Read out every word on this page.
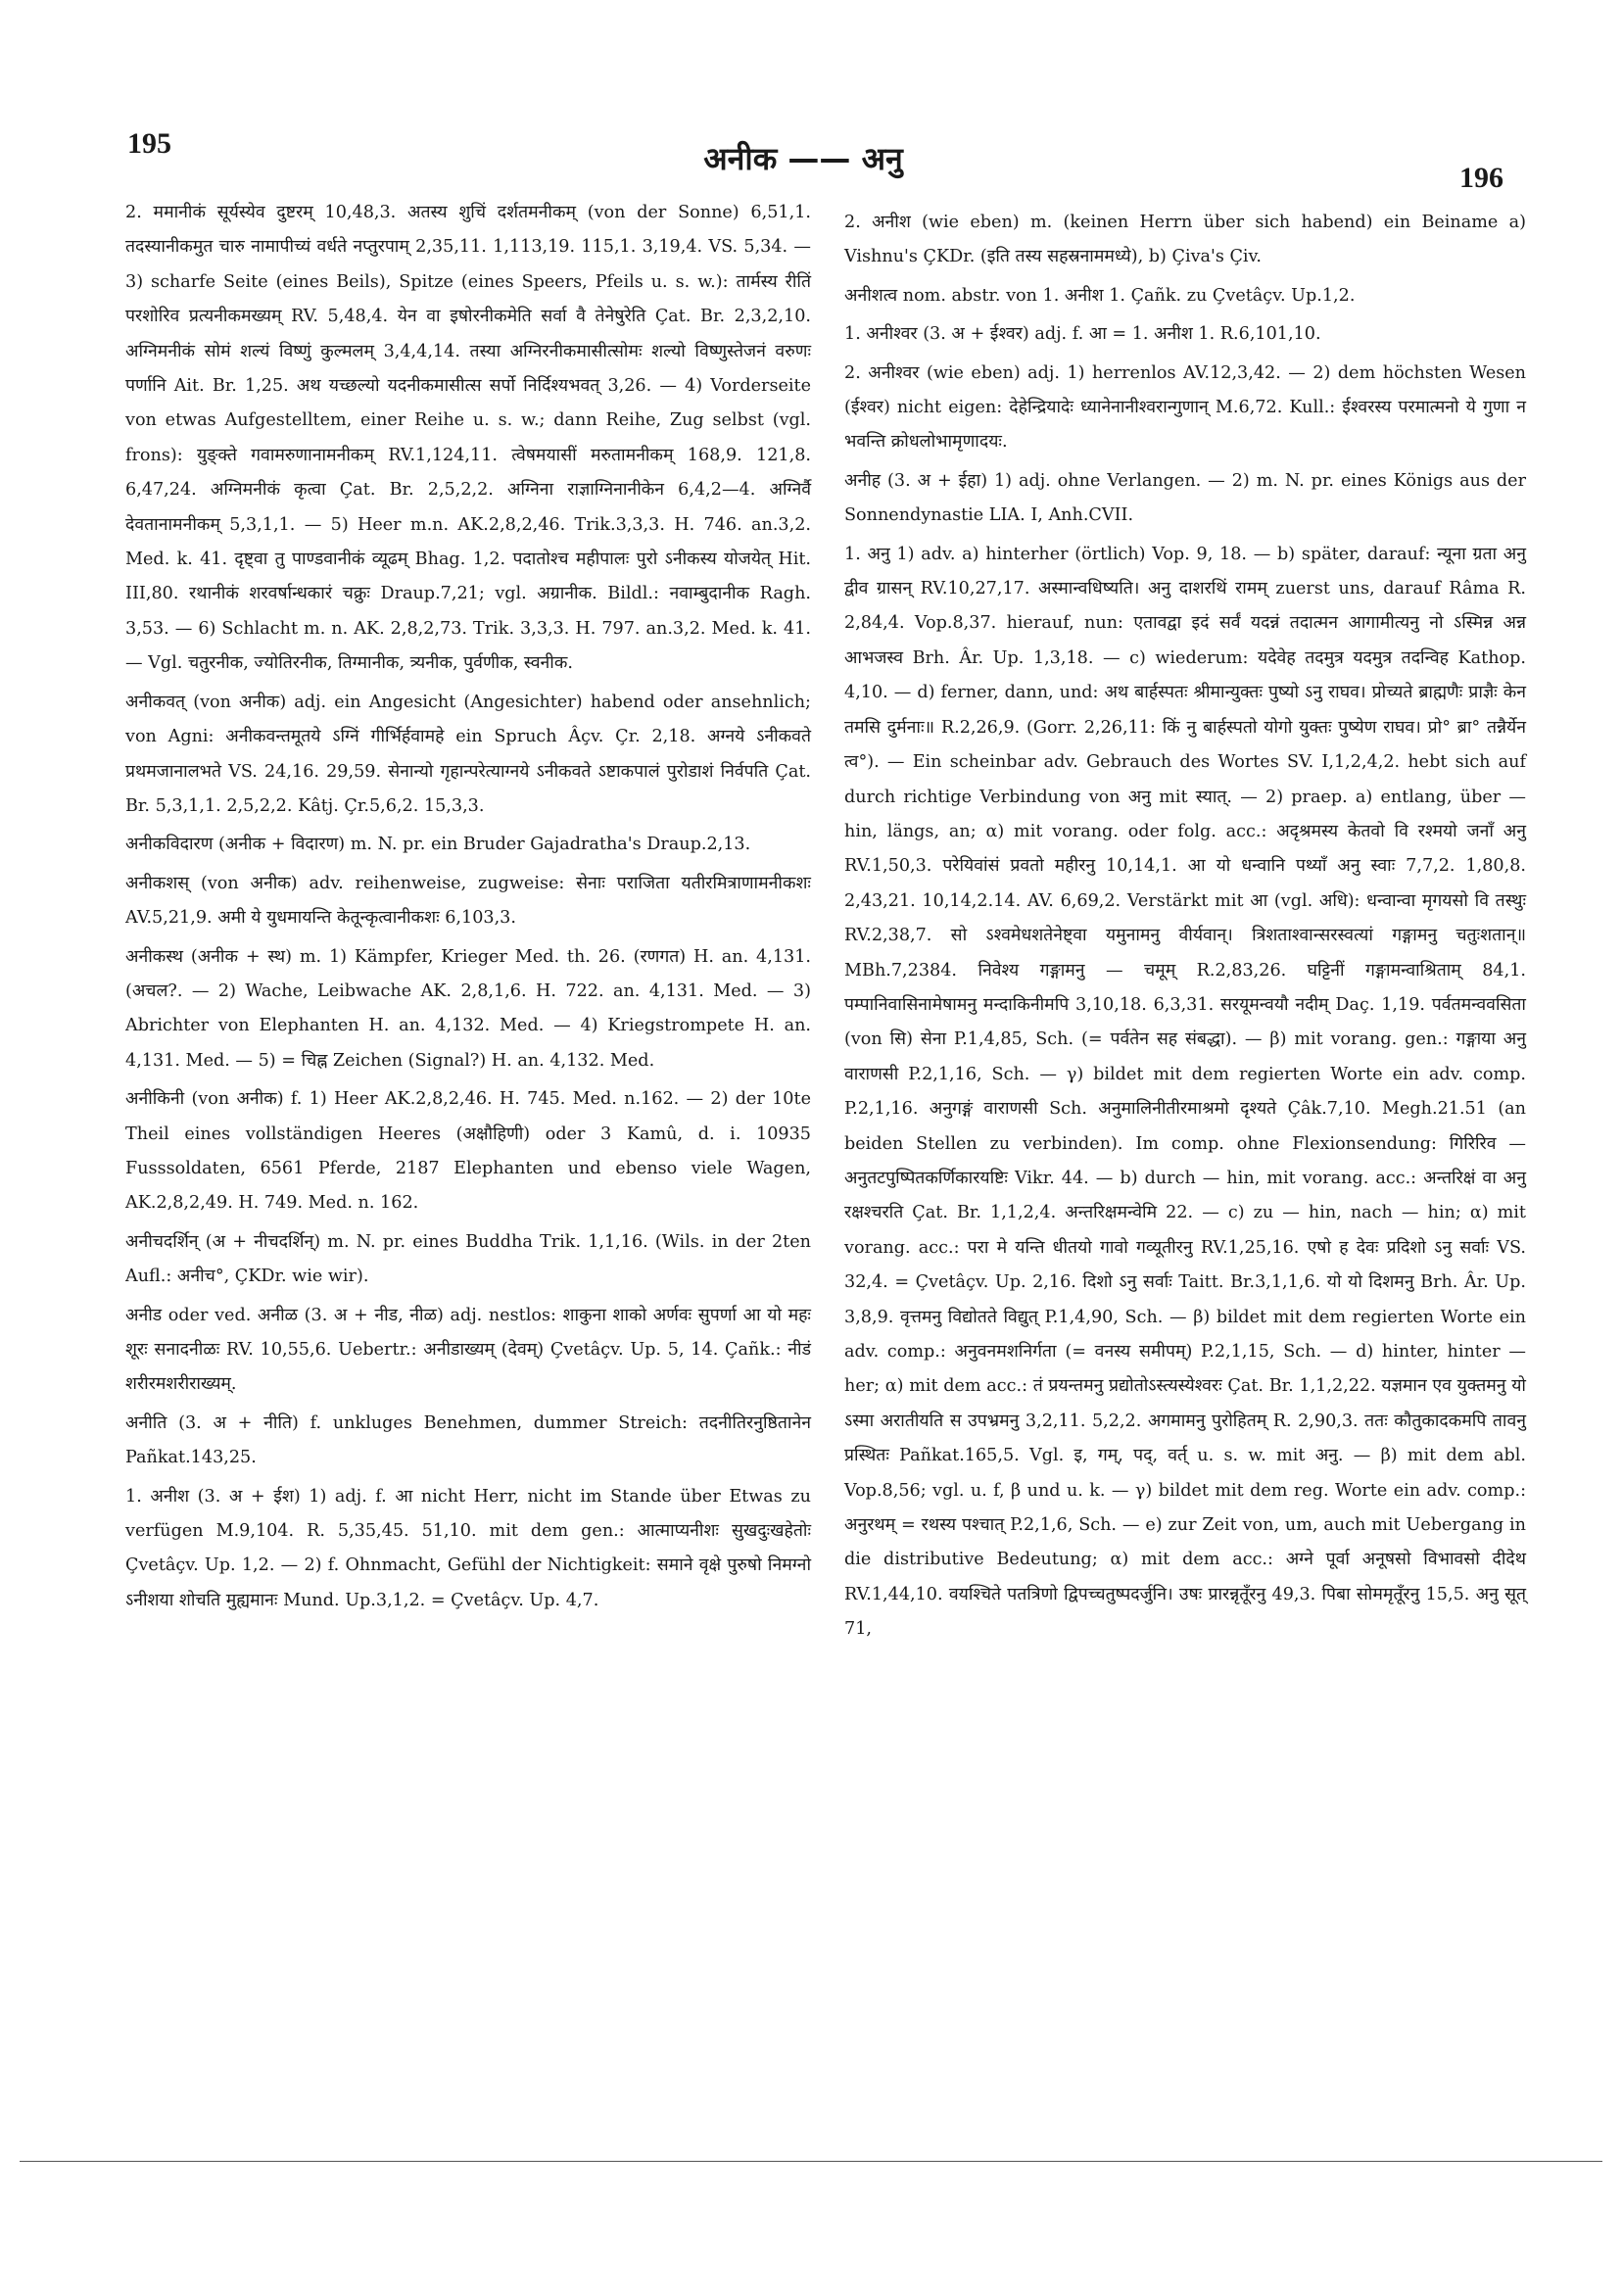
195	अनीक —— अनु
196

2. ममानीकं सूर्यस्येव दुष्टरम् 10,48,3. अतस्य शुचिं दर्शतमनीकम् (von der Sonne) 6,51,1. तदस्यानीकमुत चारु नामापीच्यं वर्धते नप्तुरपाम् 2,35,11. 1,113,19. 115,1. 3,19,4. VS. 5,34. — 3) scharfe Seite (eines Beils), Spitze (eines Speers, Pfeils u. s. w.): तार्मस्य रीतिं परशोरिव प्रत्यनीकमख्यम् RV. 5,48,4. येन वा इषोरनीकमेति सर्वा वै तेनेषुरेति Çat. Br. 2,3,2,10. अग्निमनीकं सोमं शल्यं विष्णुं कुल्मलम् 3,4,4,14. तस्या अग्निरनीकमासीत्सोमः शल्यो विष्णुस्तेजनं वरुणः पर्णानि Ait. Br. 1,25. अथ यच्छल्यो यदनीकमासीत्स सर्पो निर्दिश्यभवत् 3,26. — 4) Vorderseite von etwas Aufgestelltem, einer Reihe u. s. w.; dann Reihe, Zug selbst (vgl. frons): युङ्क्ते गवामरुणानामनीकम् RV.1,124,11. त्वेषमयासीं मरुतामनीकम् 168,9. 121,8. 6,47,24. अग्निमनीकं कृत्वा Çat. Br. 2,5,2,2. अग्निना राज्ञाग्निनानीकेन 6,4,2—4. अग्निर्वै देवतानामनीकम् 5,3,1,1. — 5) Heer m.n. AK.2,8,2,46. Trik.3,3,3. H. 746. an.3,2. Med. k. 41. दृष्ट्वा तु पाण्डवानीकं व्यूढम् Bhag. 1,2. पदातोश्च महीपालः पुरो ऽनीकस्य योजयेत् Hit. III,80. रथानीकं शरवर्षान्धकारं चक्रुः Draup.7,21; vgl. अग्रानीक. Bildl.: नवाम्बुदानीक Ragh. 3,53. — 6) Schlacht m. n. AK. 2,8,2,73. Trik. 3,3,3. H. 797. an.3,2. Med. k. 41. — Vgl. चतुरनीक, ज्योतिरनीक, तिग्मानीक, त्र्यनीक, पुर्वणीक, स्वनीक.

अनीकवत् (von अनीक) adj. ein Angesicht (Angesichter) habend oder ansehnlich; von Agni: अनीकवन्तमूतये ऽग्निं गीर्भिर्हवामहे ein Spruch Âçv. Çr. 2,18. अग्नये ऽनीकवते प्रथमजानालभते VS. 24,16. 29,59. सेनान्यो गृहान्परेत्याग्नये ऽनीकवते ऽष्टाकपालं पुरोडाशं निर्वपति Çat. Br. 5,3,1,1. 2,5,2,2. Kâtj. Çr.5,6,2. 15,3,3.

अनीकविदारण (अनीक + विदारण) m. N. pr. ein Bruder Gajadratha's Draup.2,13.

अनीकशस् (von अनीक) adv. reihenweise, zugweise: सेनाः पराजिता यतीरमित्राणामनीकशः AV.5,21,9. अमी ये युधमायन्ति केतून्कृत्वानीकशः 6,103,3.

अनीकस्थ (अनीक + स्थ) m. 1) Kämpfer, Krieger Med. th. 26. (रणगत) H. an. 4,131. (अचल?. — 2) Wache, Leibwache AK. 2,8,1,6. H. 722. an. 4,131. Med. — 3) Abrichter von Elephanten H. an. 4,132. Med. — 4) Kriegstrompete H. an. 4,131. Med. — 5) = चिह्न Zeichen (Signal?) H. an. 4,132. Med.

अनीकिनी (von अनीक) f. 1) Heer AK.2,8,2,46. H. 745. Med. n.162. — 2) der 10te Theil eines vollständigen Heeres (अक्षौहिणी) oder 3 Kamû, d. i. 10935 Fusssoldaten, 6561 Pferde, 2187 Elephanten und ebenso viele Wagen, AK.2,8,2,49. H. 749. Med. n. 162.

अनीचदर्शिन् (अ + नीचदर्शिन्) m. N. pr. eines Buddha Trik. 1,1,16. (Wils. in der 2ten Aufl.: अनीच°, ÇKDr. wie wir).

अनीड oder ved. अनीळ (3. अ + नीड, नीळ) adj. nestlos: शाकुना शाको अर्णवः सुपर्णा आ यो महः शूरः सनादनीळः RV. 10,55,6. Uebertr.: अनीडाख्यम् (देवम्) Çvetâçv. Up. 5, 14. Çañk.: नीडं शरीरमशरीराख्यम्.

अनीति (3. अ + नीति) f. unkluges Benehmen, dummer Streich: तदनीतिरनुष्ठितानेन Pañkat.143,25.

1. अनीश (3. अ + ईश) 1) adj. f. आ nicht Herr, nicht im Stande über Etwas zu verfügen M.9,104. R. 5,35,45. 51,10. mit dem gen.: आत्माप्यनीशः सुखदुःखहेतोः Çvetâçv. Up. 1,2. — 2) f. Ohnmacht, Gefühl der Nichtigkeit: समाने वृक्षे पुरुषो निमग्नो ऽनीशया शोचति मुह्यमानः Mund. Up.3,1,2. = Çvetâçv. Up. 4,7.

2. अनीश (wie eben) m. (keinen Herrn über sich habend) ein Beiname a) Vishnu's ÇKDr. (इति तस्य सहस्रनाममध्ये), b) Çiva's Çiv.

अनीशत्व nom. abstr. von 1. अनीश 1. Çañk. zu Çvetâçv. Up.1,2.

1. अनीश्वर (3. अ + ईश्वर) adj. f. आ = 1. अनीश 1. R.6,101,10.

2. अनीश्वर (wie eben) adj. 1) herrenlos AV.12,3,42. — 2) dem höchsten Wesen (ईश्वर) nicht eigen: देहेन्द्रियादेः ध्यानेनानीश्वरान्गुणान् M.6,72. Kull.: ईश्वरस्य परमात्मनो ये गुणा न भवन्ति क्रोधलोभामृणादयः.

अनीह (3. अ + ईहा) 1) adj. ohne Verlangen. — 2) m. N. pr. eines Königs aus der Sonnendynastie LIA. I, Anh.CVII.

1. अनु 1) adv. a) hinterher (örtlich) Vop. 9, 18. — b) später, darauf: न्यूना ग्रता अनु द्वीव ग्रासन् RV.10,27,17. अस्मान्वधिष्यति। अनु दाशरथिं रामम् zuerst uns, darauf Râma R. 2,84,4. Vop.8,37. hierauf, nun: एतावद्वा इदं सर्वं यदन्नं तदात्मन आगामीत्यनु नो ऽस्मिन्न अन्न आभजस्व Brh. Âr. Up. 1,3,18. — c) wiederum: यदेवेह तदमुत्र यदमुत्र तदन्विह Kathop. 4,10. — d) ferner, dann, und: अथ बार्हस्पतः श्रीमान्युक्तः पुष्यो ऽनु राघव। प्रोच्यते ब्राह्मणैः प्राज्ञैः केन तमसि दुर्मनाः॥ R.2,26,9. (Gorr. 2,26,11: किं नु बार्हस्पतो योगो युक्तः पुष्येण राघव। प्रो° ब्रा° तन्नैर्येन त्व°). — Ein scheinbar adv. Gebrauch des Wortes SV. I,1,2,4,2. hebt sich auf durch richtige Verbindung von अनु mit स्यात्. — 2) praep. a) entlang, über — hin, längs, an; α) mit vorang. oder folg. acc.: अदृश्रमस्य केतवो वि रश्मयो जनाँ अनु RV.1,50,3. परेयिवांसं प्रवतो महीरनु 10,14,1. आ यो धन्वानि पथ्याँ अनु स्वाः 7,7,2. 1,80,8. 2,43,21. 10,14,2.14. AV. 6,69,2. Verstärkt mit आ (vgl. अधि): धन्वान्वा मृगयसो वि तस्थुः RV.2,38,7. सो ऽश्वमेधशतेनेष्ट्वा यमुनामनु वीर्यवान्। त्रिशताश्वान्सरस्वत्यां गङ्गामनु चतुःशतान्॥ MBh.7,2384. निवेश्य गङ्गामनु — चमूम् R.2,83,26. घट्टिनीं गङ्गामन्वाश्रिताम् 84,1. पम्पानिवासिनामेषामनु मन्दाकिनीमपि 3,10,18. 6,3,31. सरयूमन्वयौ नदीम् Daç. 1,19. पर्वतमन्ववसिता (von सि) सेना P.1,4,85, Sch. (= पर्वतेन सह संबद्धा). — β) mit vorang. gen.: गङ्गाया अनु वाराणसी P.2,1,16, Sch. — γ) bildet mit dem regierten Worte ein adv. comp. P.2,1,16. अनुगङ्गं वाराणसी Sch. अनुमालिनीतीरमाश्रमो दृश्यते Çâk.7,10. Megh.21.51 (an beiden Stellen zu verbinden). Im comp. ohne Flexionsendung: गिरिरिव — अनुतटपुष्पितकर्णिकारयष्टिः Vikr. 44. — b) durch — hin, mit vorang. acc.: अन्तरिक्षं वा अनु रक्षश्चरति Çat. Br. 1,1,2,4. अन्तरिक्षमन्वेमि 22. — c) zu — hin, nach — hin; α) mit vorang. acc.: परा मे यन्ति धीतयो गावो गव्यूतीरनु RV.1,25,16. एषो ह देवः प्रदिशो ऽनु सर्वाः VS. 32,4. = Çvetâçv. Up. 2,16. दिशो ऽनु सर्वाः Taitt. Br.3,1,1,6. यो यो दिशमनु Brh. Âr. Up. 3,8,9. वृत्तमनु विद्योतते विद्युत् P.1,4,90, Sch. — β) bildet mit dem regierten Worte ein adv. comp.: अनुवनमशनिर्गता (= वनस्य समीपम्) P.2,1,15, Sch. — d) hinter, hinter — her; α) mit dem acc.: तं प्रयन्तमनु प्रद्योतोऽस्त्यस्येश्वरः Çat. Br. 1,1,2,22. यज्ञमान एव युक्तमनु यो ऽस्मा अरातीयति स उपभ्रमनु 3,2,11. 5,2,2. अगमामनु पुरोहितम् R. 2,90,3. ततः कौतुकादकमपि तावनु प्रस्थितः Pañkat.165,5. Vgl. इ, गम्, पद्, वर्त् u. s. w. mit अनु. — β) mit dem abl. Vop.8,56; vgl. u. f, β und u. k. — γ) bildet mit dem reg. Worte ein adv. comp.: अनुरथम् = रथस्य पश्चात् P.2,1,6, Sch. — e) zur Zeit von, um, auch mit Uebergang in die distributive Bedeutung; α) mit dem acc.: अग्ने पूर्वा अनूषसो विभावसो दीदेथ RV.1,44,10. वयश्चिते पतत्रिणो द्विपच्चतुष्पदर्जुनि। उषः प्रारन्नृतूँरनु 49,3. पिबा सोममृतूँरनु 15,5. अनु सूत् 71,
